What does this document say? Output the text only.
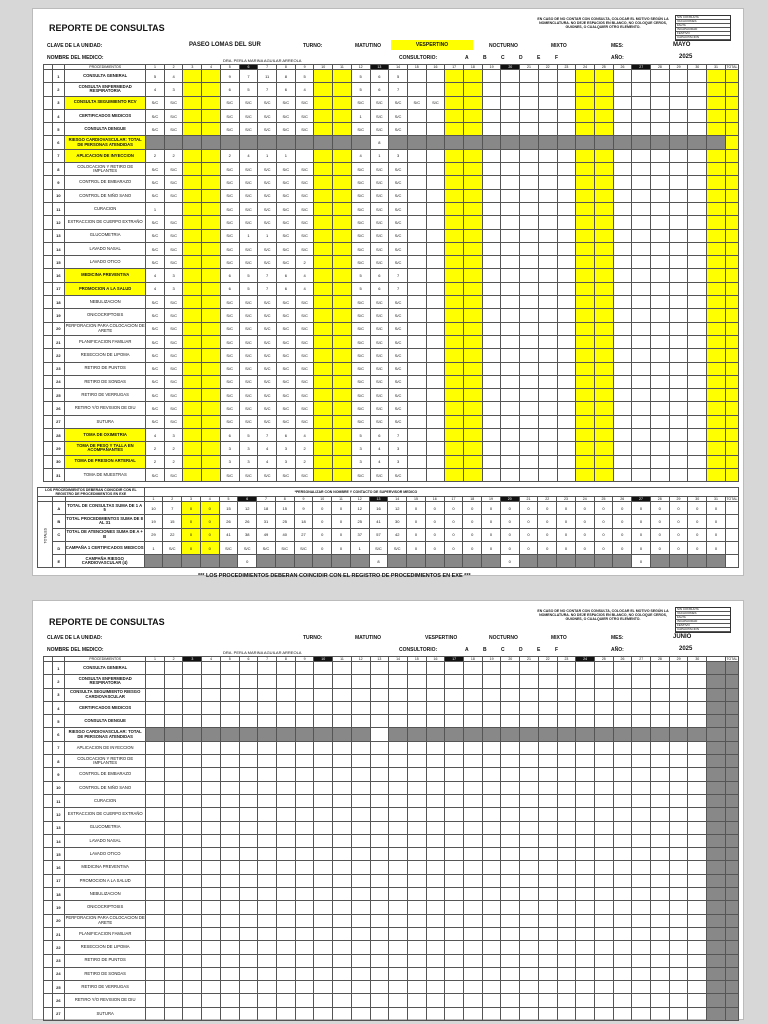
REPORTE DE CONSULTAS
EN CASO DE NO CONTAR CON CONSULTA, COLOCAR EL MOTIVO SEGÚN LA NOMENCLATURA. NO DEJE ESPACIOS EN BLANCO, NO COLOQUE CEROS, GUIONES, O CUALQUIER OTRO ELEMENTO.
SIN CONSULTA
VACACIONES
FALTA
INCAPACIDAD
FESTIVO
CAPACITACION
CLAVE DE LA UNIDAD:	PASEO LOMAS DEL SUR	TURNO:	MATUTINO	VESPERTINO	NOCTURNO	MIXTO	MES:	MAYO
NOMBRE DEL MEDICO:	DRA. PERLA MARINA AGUILAR ARREOLA	CONSULTORIO:	A	B	C	D	E	F	AÑO:	2025
		PROCEDIMIENTOS	1	2	3	4	5	6	7	8	9	10	11	12	13	14	15	16	17	18	19	20	21	22	23	24	25	26	27	28	29	30	31	TOTAL
	1	CONSULTA GENERAL	5	4			9	7	11	8	5			5	6	5																		
	2	CONSULTA ENFERMEDAD RESPIRATORIA	4	3			6	5	7	6	4			5	6	7																		
	3	CONSULTA SEGUIMIENTO RCV	S/C	S/C			S/C	S/C	S/C	S/C	S/C			S/C	S/C	S/C	S/C	S/C																
	4	CERTIFICADOS MEDICOS	S/C	S/C			S/C	S/C	S/C	S/C	S/C			1	S/C	S/C																		
	5	CONSULTA DENGUE	S/C	S/C			S/C	S/C	S/C	S/C	S/C			S/C	S/C	S/C																		
	6	RIESGO CARDIOVASCULAR: TOTAL DE PERSONAS ATENDIDAS													8																			
	7	APLICACION DE INYECCION	2	2			2	4	1	1				4	1	3																		
	8	COLOCACION Y RETIRO DE IMPLANTES	S/C	S/C			S/C	S/C	S/C	S/C	S/C			S/C	S/C	S/C																		
	9	CONTROL DE EMBARAZO	S/C	S/C			S/C	S/C	S/C	S/C	S/C			S/C	S/C	S/C																		
	10	CONTROL DE NIÑO SANO	S/C	S/C			S/C	S/C	S/C	S/C	S/C			S/C	S/C	S/C																		
	11	CURACION	1				S/C	S/C	S/C	S/C	S/C			S/C	S/C	S/C																		
	12	EXTRACCION DE CUERPO EXTRAÑO	S/C	S/C			S/C	S/C	S/C	S/C	S/C			S/C	S/C	S/C																		
	13	GLUCOMETRIA	S/C	S/C			S/C	1	1	S/C	S/C			S/C	S/C	S/C																		
	14	LAVADO NASAL	S/C	S/C			S/C	S/C	S/C	S/C	S/C			S/C	S/C	S/C																		
	15	LAVADO OTICO	S/C	S/C			S/C	S/C	S/C	S/C	2			S/C	S/C	S/C																		
	16	MEDICINA PREVENTIVA	4	3			6	5	7	6	4			5	6	7																		
	17	PROMOCION A LA SALUD	4	3			6	5	7	6	4			5	6	7																		
	18	NEBULIZACION	S/C	S/C			S/C	S/C	S/C	S/C	S/C			S/C	S/C	S/C																		
	19	ONICOCRIPTOSIS	S/C	S/C			S/C	S/C	S/C	S/C	S/C			S/C	S/C	S/C																		
	20	PERFORACION PARA COLOCACION DE ARETE	S/C	S/C			S/C	S/C	S/C	S/C	S/C			S/C	S/C	S/C																		
	21	PLANIFICACION FAMILIAR	S/C	S/C			S/C	S/C	S/C	S/C	S/C			S/C	S/C	S/C																		
	22	RESECCION DE LIPOMA	S/C	S/C			S/C	S/C	S/C	S/C	S/C			S/C	S/C	S/C																		
	23	RETIRO DE PUNTOS	S/C	S/C			S/C	S/C	S/C	S/C	S/C			S/C	S/C	S/C																		
	24	RETIRO DE SONDAS	S/C	S/C			S/C	S/C	S/C	S/C	S/C			S/C	S/C	S/C																		
	25	RETIRO DE VERRUGAS	S/C	S/C			S/C	S/C	S/C	S/C	S/C			S/C	S/C	S/C																		
	26	RETIRO Y/O REVISION DE DIU	S/C	S/C			S/C	S/C	S/C	S/C	S/C			S/C	S/C	S/C																		
	27	SUTURA	S/C	S/C			S/C	S/C	S/C	S/C	S/C			S/C	S/C	S/C																		
	28	TOMA DE OXIMETRIA	4	3			6	5	7	6	4			5	6	7																		
	29	TOMA DE PESO Y TALLA EN ACOMPAÑANTES	2	2			3	3	4	3	2			3	4	3																		
	30	TOMA DE PRESION ARTERIAL	2	2			3	3	4	3	2			3	4	3																		
	31	TOMA DE MUESTRAS	S/C	S/C			S/C	S/C	S/C	S/C	S/C			S/C	S/C	S/C																		
LOS PROCEDIMIENTOS DEBERAN COINCIDIR CON EL REGISTRO DE PROCEDIMIENTOS EN EXE			*PERSONALIZAR CON NOMBRE Y CONTACTO DE SUPERVISOR MEDICO																															
			1	2	3	4	5	6	7	8	9	10	11	12	13	14	15	16	17	18	19	20	21	22	23	24	25	26	27	28	29	30	31	TOTAL
TOTALES	A	TOTAL DE CONSULTAS SUMA DE 1 A 5	10	7	0	0	15	12	18	15	9	0	0	12	16	12	0	0	0	0	0	0	0	0	0	0	0	0	0	0	0	0	0	
	B	TOTAL PROCEDIMIENTOS SUMA DE 8 AL 31	19	15	0	0	26	26	31	25	18	0	0	25	41	30	0	0	0	0	0	0	0	0	0	0	0	0	0	0	0	0	0	
	C	TOTAL DE ATENCIONES SUMA DE A + B	29	22	0	0	41	38	49	40	27	0	0	37	57	42	0	0	0	0	0	0	0	0	0	0	0	0	0	0	0	0	0	
	D	CAMPAÑA 1 CERTIFICADOS MEDICOS	1	S/C	0	0	S/C	S/C	S/C	S/C	S/C	0	0	1	S/C	S/C	0	0	0	0	0	0	0	0	0	0	0	0	0	0	0	0	0	
	E	CAMPAÑA RIESGO CARDIOVASCULAR (4)						0							8							0							0					
*** LOS PROCEDIMIENTOS DEBERAN COINCIDIR CON EL REGISTRO DE PROCEDIMIENTOS EN EXE ***
REPORTE DE CONSULTAS
EN CASO DE NO CONTAR CON CONSULTA, COLOCAR EL MOTIVO SEGÚN LA NOMENCLATURA. NO DEJE ESPACIOS EN BLANCO, NO COLOQUE CEROS, GUIONES, O CUALQUIER OTRO ELEMENTO.
SIN CONSULTA
VACACIONES
FALTA
INCAPACIDAD
FESTIVO
CAPACITACION
CLAVE DE LA UNIDAD:	TURNO:	MATUTINO	VESPERTINO	NOCTURNO	MIXTO	MES:	JUNIO
NOMBRE DEL MEDICO:	DRA. PERLA MARINA AGUILAR ARREOLA	CONSULTORIO:	A	B	C	D	E	F	AÑO:	2025
		PROCEDIMIENTOS	1	2	3	4	5	6	7	8	9	10	11	12	13	14	15	16	17	18	19	20	21	22	23	24	25	26	27	28	29	30		TOTAL
	1	CONSULTA GENERAL																																
	2	CONSULTA ENFERMEDAD RESPIRATORIA																																
	3	CONSULTA SEGUIMIENTO RIESGO CARDIOVASCULAR																																
	4	CERTIFICADOS MEDICOS																																
	5	CONSULTA DENGUE																																
	6	RIESGO CARDIOVASCULAR: TOTAL DE PERSONAS ATENDIDAS																																
	7	APLICACION DE INYECCION																																
	8	COLOCACION Y RETIRO DE IMPLANTES																																
	9	CONTROL DE EMBARAZO																																
	10	CONTROL DE NIÑO SANO																																
	11	CURACION																																
	12	EXTRACCION DE CUERPO EXTRAÑO																																
	13	GLUCOMETRIA																																
	14	LAVADO NASAL																																
	15	LAVADO OTICO																																
	16	MEDICINA PREVENTIVA																																
	17	PROMOCION A LA SALUD																																
	18	NEBULIZACION																																
	19	ONICOCRIPTOSIS																																
	20	PERFORACION PARA COLOCACION DE ARETE																																
	21	PLANIFICACION FAMILIAR																																
	22	RESECCION DE LIPOMA																																
	23	RETIRO DE PUNTOS																																
	24	RETIRO DE SONDAS																																
	25	RETIRO DE VERRUGAS																																
	26	RETIRO Y/O REVISION DE DIU																																
	27	SUTURA																																
